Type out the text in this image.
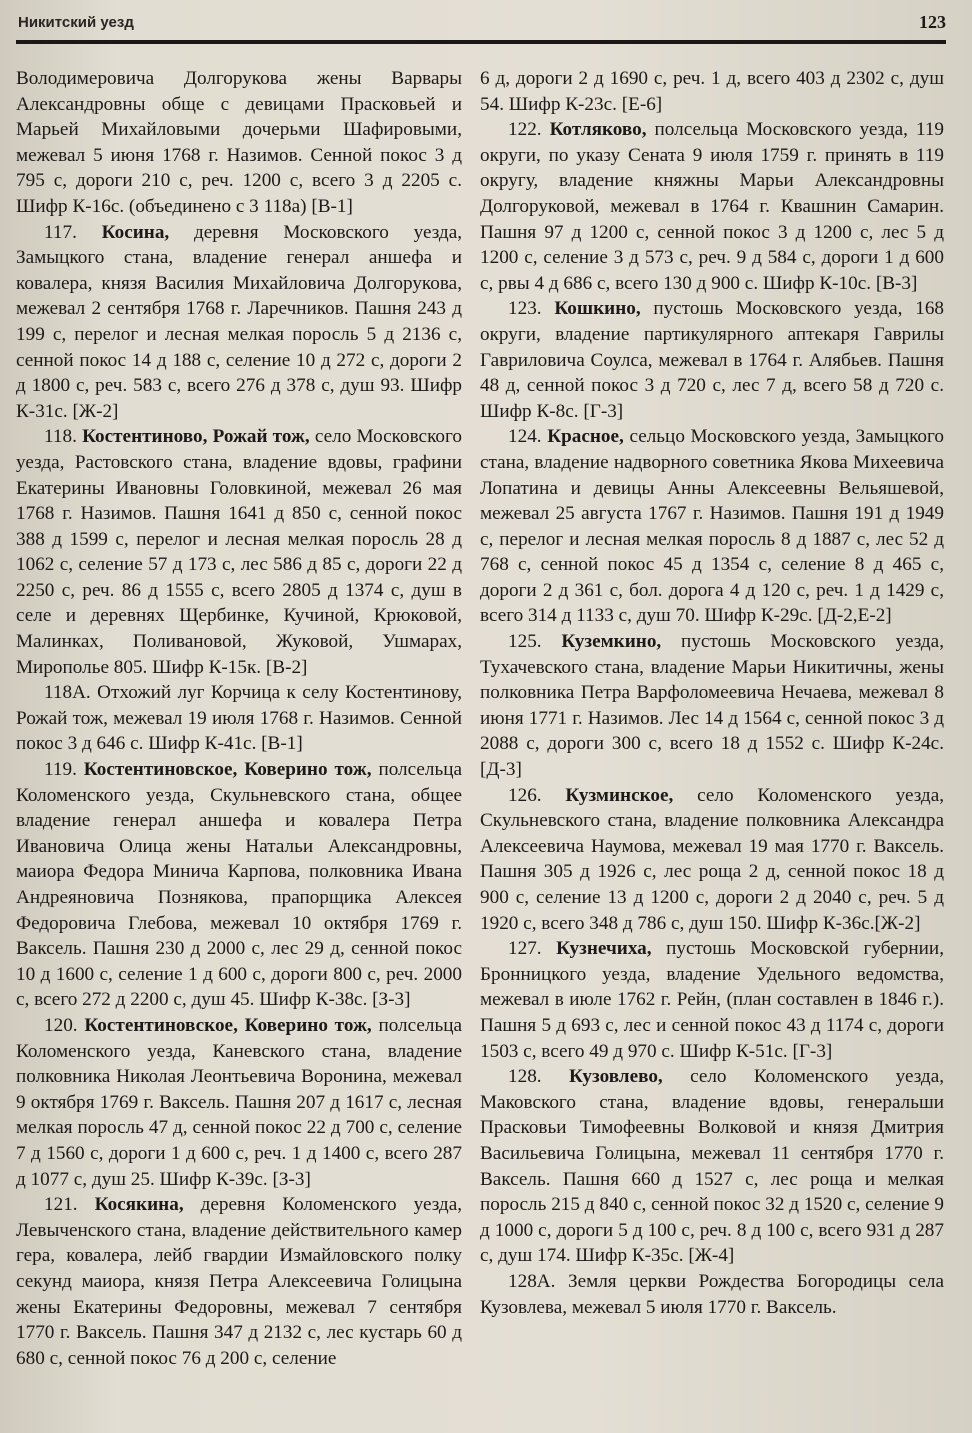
Никитский уезд	123

Володимеровича Долгорукова жены Варвары Александровны обще с девицами Прасковьей и Марьей Михайловыми дочерьми Шафировыми, межевал 5 июня 1768 г. Назимов. Сенной покос 3 д 795 с, дороги 210 с, реч. 1200 с, всего 3 д 2205 с. Шифр К-16с. (объединено с 3 118а) [В-1]

117. Косина, деревня Московского уезда, Замыцкого стана, владение генерал аншефа и ковалера, князя Василия Михайловича Долгорукова, межевал 2 сентября 1768 г. Ларечников. Пашня 243 д 199 с, перелог и лесная мелкая поросль 5 д 2136 с, сенной покос 14 д 188 с, селение 10 д 272 с, дороги 2 д 1800 с, реч. 583 с, всего 276 д 378 с, душ 93. Шифр К-31с. [Ж-2]

118. Костентиново, Рожай тож, село Московского уезда, Растовского стана, владение вдовы, графини Екатерины Ивановны Головкиной, межевал 26 мая 1768 г. Назимов. Пашня 1641 д 850 с, сенной покос 388 д 1599 с, перелог и лесная мелкая поросль 28 д 1062 с, селение 57 д 173 с, лес 586 д 85 с, дороги 22 д 2250 с, реч. 86 д 1555 с, всего 2805 д 1374 с, душ в селе и деревнях Щербинке, Кучиной, Крюковой, Малинках, Поливановой, Жуковой, Ушмарах, Миропольe 805. Шифр К-15к. [В-2]

118А. Отхожий луг Корчица к селу Костентинову, Рожай тож, межевал 19 июля 1768 г. Назимов. Сенной покос 3 д 646 с. Шифр К-41с. [В-1]

119. Костентиновское, Коверино тож, полсельца Коломенского уезда, Скульневского стана, общее владение генерал аншефа и ковалера Петра Ивановича Олица жены Натальи Александровны, маиора Федора Минича Карпова, полковника Ивана Андреяновича Познякова, прапорщика Алексея Федоровича Глебова, межевал 10 октября 1769 г. Ваксель. Пашня 230 д 2000 с, лес 29 д, сенной покос 10 д 1600 с, селение 1 д 600 с, дороги 800 с, реч. 2000 с, всего 272 д 2200 с, душ 45. Шифр К-38с. [З-3]

120. Костентиновское, Коверино тож, полсельца Коломенского уезда, Каневского стана, владение полковника Николая Леонтьевича Воронина, межевал 9 октября 1769 г. Ваксель. Пашня 207 д 1617 с, лесная мелкая поросль 47 д, сенной покос 22 д 700 с, селение 7 д 1560 с, дороги 1 д 600 с, реч. 1 д 1400 с, всего 287 д 1077 с, душ 25. Шифр К-39с. [З-3]

121. Косякина, деревня Коломенского уезда, Левыченского стана, владение действительного камер гера, ковалера, лейб гвардии Измайловского полку секунд маиора, князя Петра Алексеевича Голицына жены Екатерины Федоровны, межевал 7 сентября 1770 г. Ваксель. Пашня 347 д 2132 с, лес кустарь 60 д 680 с, сенной покос 76 д 200 с, селение

6 д, дороги 2 д 1690 с, реч. 1 д, всего 403 д 2302 с, душ 54. Шифр К-23с. [Е-6]

122. Котляково, полсельца Московского уезда, 119 округи, по указу Сената 9 июля 1759 г. принять в 119 округу, владение княжны Марьи Александровны Долгоруковой, межевал в 1764 г. Квашнин Самарин. Пашня 97 д 1200 с, сенной покос 3 д 1200 с, лес 5 д 1200 с, селение 3 д 573 с, реч. 9 д 584 с, дороги 1 д 600 с, рвы 4 д 686 с, всего 130 д 900 с. Шифр К-10с. [В-3]

123. Кошкино, пустошь Московского уезда, 168 округи, владение партикулярного аптекаря Гаврилы Гавриловича Соулса, межевал в 1764 г. Алябьев. Пашня 48 д, сенной покос 3 д 720 с, лес 7 д, всего 58 д 720 с. Шифр К-8с. [Г-3]

124. Красное, сельцо Московского уезда, Замыцкого стана, владение надворного советника Якова Михеевича Лопатина и девицы Анны Алексеевны Вельяшевой, межевал 25 августа 1767 г. Назимов. Пашня 191 д 1949 с, перелог и лесная мелкая поросль 8 д 1887 с, лес 52 д 768 с, сенной покос 45 д 1354 с, селение 8 д 465 с, дороги 2 д 361 с, бол. дорога 4 д 120 с, реч. 1 д 1429 с, всего 314 д 1133 с, душ 70. Шифр К-29с. [Д-2,Е-2]

125. Куземкино, пустошь Московского уезда, Тухачевского стана, владение Марьи Никитичны, жены полковника Петра Варфоломеевича Нечаева, межевал 8 июня 1771 г. Назимов. Лес 14 д 1564 с, сенной покос 3 д 2088 с, дороги 300 с, всего 18 д 1552 с. Шифр К-24с. [Д-3]

126. Кузминское, село Коломенского уезда, Скульневского стана, владение полковника Александра Алексеевича Наумова, межевал 19 мая 1770 г. Ваксель. Пашня 305 д 1926 с, лес роща 2 д, сенной покос 18 д 900 с, селение 13 д 1200 с, дороги 2 д 2040 с, реч. 5 д 1920 с, всего 348 д 786 с, душ 150. Шифр К-36с.[Ж-2]

127. Кузнечиха, пустошь Московской губернии, Бронницкого уезда, владение Удельного ведомства, межевал в июле 1762 г. Рейн, (план составлен в 1846 г.). Пашня 5 д 693 с, лес и сенной покос 43 д 1174 с, дороги 1503 с, всего 49 д 970 с. Шифр К-51с. [Г-3]

128. Кузовлево, село Коломенского уезда, Маковского стана, владение вдовы, генеральши Прасковьи Тимофеевны Волковой и князя Дмитрия Васильевича Голицына, межевал 11 сентября 1770 г. Ваксель. Пашня 660 д 1527 с, лес роща и мелкая поросль 215 д 840 с, сенной покос 32 д 1520 с, селение 9 д 1000 с, дороги 5 д 100 с, реч. 8 д 100 с, всего 931 д 287 с, душ 174. Шифр К-35с. [Ж-4]

128А. Земля церкви Рождества Богородицы села Кузовлева, межевал 5 июля 1770 г. Ваксель.
